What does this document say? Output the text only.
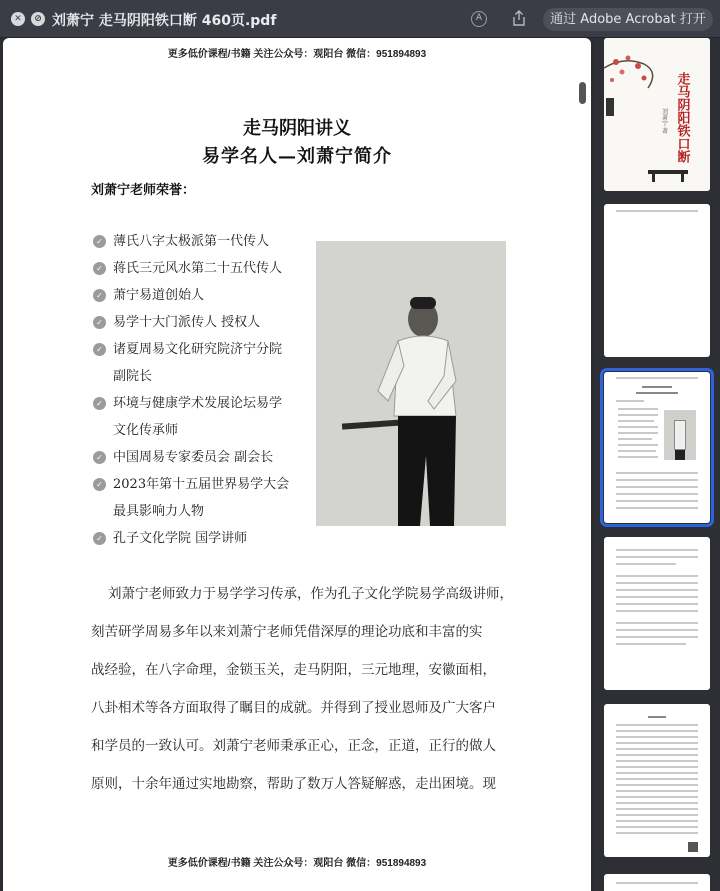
✕	⊘ 刘萧宁 走马阴阳铁口断 460页.pdf	A	通过 Adobe Acrobat 打开
更多低价课程/书籍 关注公众号：观阳台 微信：951894893
走马阴阳讲义
易学名人—刘萧宁简介
刘萧宁老师荣誉：
✓ 薄氏八字太极派第一代传人
✓ 蒋氏三元风水第二十五代传人
✓ 萧宁易道创始人
✓ 易学十大门派传人 授权人
✓ 诸夏周易文化研究院济宁分院
副院长
✓ 环境与健康学术发展论坛易学
文化传承师
✓ 中国周易专家委员会 副会长
✓ 2023年第十五届世界易学大会
最具影响力人物
✓ 孔子文化学院 国学讲师
刘萧宁老师致力于易学学习传承，作为孔子文化学院易学高级讲师，
刻苦研学周易多年以来刘萧宁老师凭借深厚的理论功底和丰富的实
战经验，在八字命理，金锁玉关，走马阴阳，三元地理，安徽面相，
八卦相术等各方面取得了瞩目的成就。并得到了授业恩师及广大客户
和学员的一致认可。刘萧宁老师秉承正心，正念，正道，正行的做人
原则，十余年通过实地勘察，帮助了数万人答疑解惑，走出困境。现
更多低价课程/书籍 关注公众号：观阳台 微信：951894893
走马阴阳铁口断
刘萧宁 著
